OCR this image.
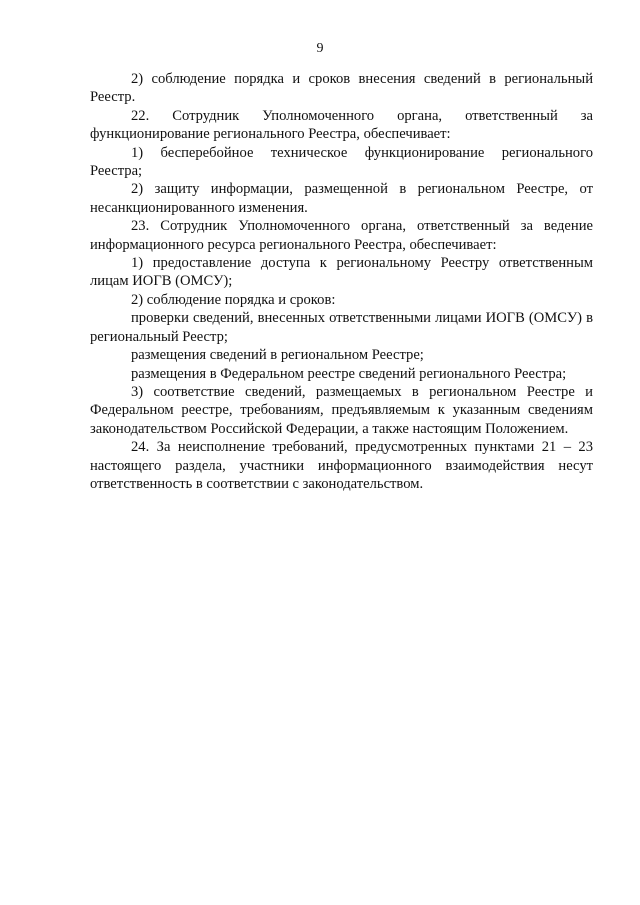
9

2) соблюдение порядка и сроков внесения сведений в региональный Реестр.

22. Сотрудник Уполномоченного органа, ответственный за функционирование регионального Реестра, обеспечивает:

1) бесперебойное техническое функционирование регионального Реестра;

2) защиту информации, размещенной в региональном Реестре, от несанкционированного изменения.

23. Сотрудник Уполномоченного органа, ответственный за ведение информационного ресурса регионального Реестра, обеспечивает:

1) предоставление доступа к региональному Реестру ответственным лицам ИОГВ (ОМСУ);

2) соблюдение порядка и сроков:

проверки сведений, внесенных ответственными лицами ИОГВ (ОМСУ) в региональный Реестр;

размещения сведений в региональном Реестре;

размещения в Федеральном реестре сведений регионального Реестра;

3) соответствие сведений, размещаемых в региональном Реестре и Федеральном реестре, требованиям, предъявляемым к указанным сведениям законодательством Российской Федерации, а также настоящим Положением.

24. За неисполнение требований, предусмотренных пунктами 21 – 23 настоящего раздела, участники информационного взаимодействия несут ответственность в соответствии с законодательством.
